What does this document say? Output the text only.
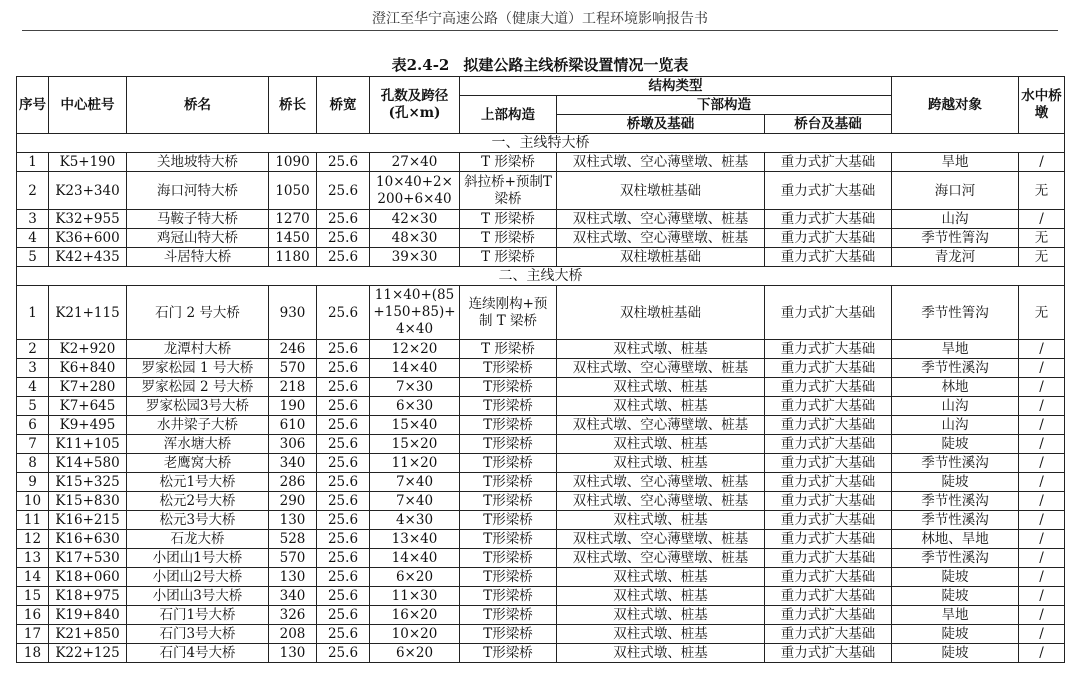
澄江至华宁高速公路（健康大道）工程环境影响报告书
表2.4-2 拟建公路主线桥梁设置情况一览表
序号	中心桩号	桥名	桥长	桥宽	孔数及跨径(孔×m)	结构类型			跨越对象	水中桥墩
						上部构造	下部构造			
							桥墩及基础	桥台及基础		
一、主线特大桥										
1	K5+190	关地坡特大桥	1090	25.6	27×40	T 形梁桥	双柱式墩、空心薄壁墩、桩基	重力式扩大基础	旱地	/
2	K23+340	海口河特大桥	1050	25.6	10×40+2×200+6×40	斜拉桥+预制T 梁桥	双柱墩桩基础	重力式扩大基础	海口河	无
3	K32+955	马鞍子特大桥	1270	25.6	42×30	T 形梁桥	双柱式墩、空心薄壁墩、桩基	重力式扩大基础	山沟	/
4	K36+600	鸡冠山特大桥	1450	25.6	48×30	T 形梁桥	双柱式墩、空心薄壁墩、桩基	重力式扩大基础	季节性箐沟	无
5	K42+435	斗居特大桥	1180	25.6	39×30	T 形梁桥	双柱墩桩基础	重力式扩大基础	青龙河	无
二、主线大桥										
1	K21+115	石门 2 号大桥	930	25.6	11×40+(85+150+85)+4×40	连续刚构+预制 T 梁桥	双柱墩桩基础	重力式扩大基础	季节性箐沟	无
2	K2+920	龙潭村大桥	246	25.6	12×20	T 形梁桥	双柱式墩、桩基	重力式扩大基础	旱地	/
3	K6+840	罗家松园 1 号大桥	570	25.6	14×40	T形梁桥	双柱式墩、空心薄壁墩、桩基	重力式扩大基础	季节性溪沟	/
4	K7+280	罗家松园 2 号大桥	218	25.6	7×30	T形梁桥	双柱式墩、桩基	重力式扩大基础	林地	/
5	K7+645	罗家松园3号大桥	190	25.6	6×30	T形梁桥	双柱式墩、桩基	重力式扩大基础	山沟	/
6	K9+495	水井梁子大桥	610	25.6	15×40	T形梁桥	双柱式墩、空心薄壁墩、桩基	重力式扩大基础	山沟	/
7	K11+105	浑水塘大桥	306	25.6	15×20	T形梁桥	双柱式墩、桩基	重力式扩大基础	陡坡	/
8	K14+580	老鹰窝大桥	340	25.6	11×20	T形梁桥	双柱式墩、桩基	重力式扩大基础	季节性溪沟	/
9	K15+325	松元1号大桥	286	25.6	7×40	T形梁桥	双柱式墩、空心薄壁墩、桩基	重力式扩大基础	陡坡	/
10	K15+830	松元2号大桥	290	25.6	7×40	T形梁桥	双柱式墩、空心薄壁墩、桩基	重力式扩大基础	季节性溪沟	/
11	K16+215	松元3号大桥	130	25.6	4×30	T形梁桥	双柱式墩、桩基	重力式扩大基础	季节性溪沟	/
12	K16+630	石龙大桥	528	25.6	13×40	T形梁桥	双柱式墩、空心薄壁墩、桩基	重力式扩大基础	林地、旱地	/
13	K17+530	小团山1号大桥	570	25.6	14×40	T形梁桥	双柱式墩、空心薄壁墩、桩基	重力式扩大基础	季节性溪沟	/
14	K18+060	小团山2号大桥	130	25.6	6×20	T形梁桥	双柱式墩、桩基	重力式扩大基础	陡坡	/
15	K18+975	小团山3号大桥	340	25.6	11×30	T形梁桥	双柱式墩、桩基	重力式扩大基础	陡坡	/
16	K19+840	石门1号大桥	326	25.6	16×20	T形梁桥	双柱式墩、桩基	重力式扩大基础	旱地	/
17	K21+850	石门3号大桥	208	25.6	10×20	T形梁桥	双柱式墩、桩基	重力式扩大基础	陡坡	/
18	K22+125	石门4号大桥	130	25.6	6×20	T形梁桥	双柱式墩、桩基	重力式扩大基础	陡坡	/
